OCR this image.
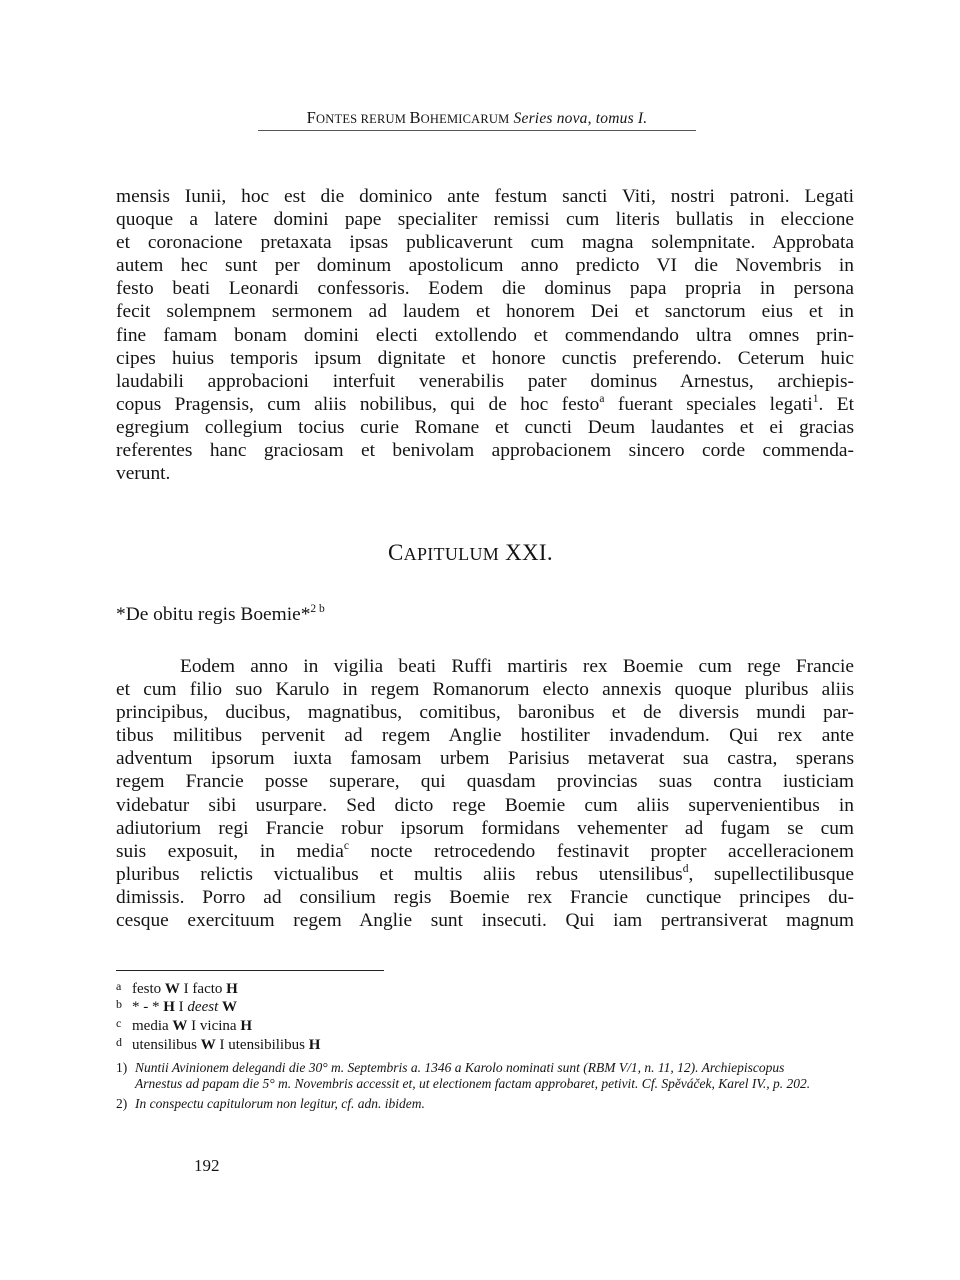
FONTES RERUM BOHEMICARUM Series nova, tomus I.
mensis Iunii, hoc est die dominico ante festum sancti Viti, nostri patroni. Legati
quoque a latere domini pape specialiter remissi cum literis bullatis in eleccione
et coronacione pretaxata ipsas publicaverunt cum magna solempnitate. Approbata
autem hec sunt per dominum apostolicum anno predicto VI die Novembris in
festo beati Leonardi confessoris. Eodem die dominus papa propria in persona
fecit solempnem sermonem ad laudem et honorem Dei et sanctorum eius et in
fine famam bonam domini electi extollendo et commendando ultra omnes prin-
cipes huius temporis ipsum dignitate et honore cunctis preferendo. Ceterum huic
laudabili approbacioni interfuit venerabilis pater dominus Arnestus, archiepis-
copus Pragensis, cum aliis nobilibus, qui de hoc festo$^a$ fuerant speciales legati$^1$. Et
egregium collegium tocius curie Romane et cuncti Deum laudantes et ei gracias
referentes hanc graciosam et benivolam approbacionem sincero corde commenda-
verunt.
CAPITULUM XXI.
*De obitu regis Boemie*$^{2 b}$
Eodem anno in vigilia beati Ruffi martiris rex Boemie cum rege Francie
et cum filio suo Karulo in regem Romanorum electo annexis quoque pluribus aliis
principibus, ducibus, magnatibus, comitibus, baronibus et de diversis mundi par-
tibus militibus pervenit ad regem Anglie hostiliter invadendum. Qui rex ante
adventum ipsorum iuxta famosam urbem Parisius metaverat sua castra, sperans
regem Francie posse superare, qui quasdam provincias suas contra iusticiam
videbatur sibi usurpare. Sed dicto rege Boemie cum aliis supervenientibus in
adiutorium regi Francie robur ipsorum formidans vehementer ad fugam se cum
suis exposuit, in media$^c$ nocte retrocedendo festinavit propter accelleracionem
pluribus relictis victualibus et multis aliis rebus utensilibus$^d$, supellectilibusque
dimissis. Porro ad consilium regis Boemie rex Francie cunctique principes du-
cesque exercituum regem Anglie sunt insecuti. Qui iam pertransiverat magnum
a festo W I facto H
b * - * H I deest W
c media W I vicina H
d utensilibus W I utensibilibus H
1) Nuntii Avinionem delegandi die 30° m. Septembris a. 1346 a Karolo nominati sunt (RBM V/1, n. 11, 12). Archiepiscopus
Arnestus ad papam die 5° m. Novembris accessit et, ut electionem factam approbaret, petivit. Cf. Spěváček, Karel IV., p. 202.
2) In conspectu capitulorum non legitur, cf. adn. ibidem.
192
